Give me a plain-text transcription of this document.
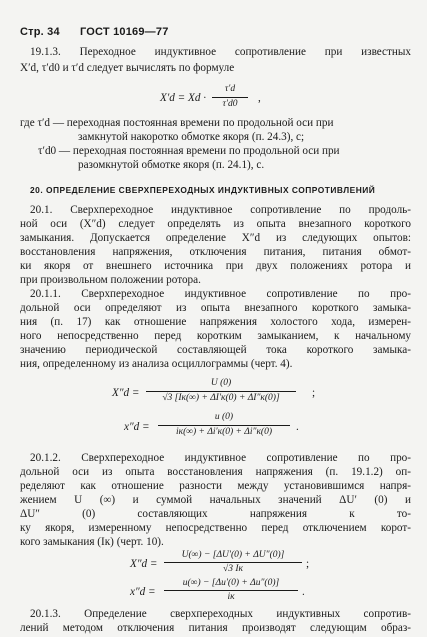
Стр. 34 ГОСТ 10169—77
19.1.3. Переходное индуктивное сопротивление при известных
X′d, τ′d0 и τ′d следует вычислять по формуле
X′d = Xd ·
τ′d
τ′d0	,
где τ′d — переходная постоянная времени по продольной оси при
замкнутой накоротко обмотке якоря (п. 24.3), с;
τ′d0 — переходная постоянная времени по продольной оси при
разомкнутой обмотке якоря (п. 24.1), с.
20. ОПРЕДЕЛЕНИЕ СВЕРХПЕРЕХОДНЫХ ИНДУКТИВНЫХ СОПРОТИВЛЕНИЙ
20.1. Сверхпереходное индуктивное сопротивление по продоль-
ной оси (X″d) следует определять из опыта внезапного короткого
замыкания. Допускается определение X″d из следующих опытов:
восстановления напряжения, отключения питания, питания обмот-
ки якоря от внешнего источника при двух положениях ротора и
при произвольном положении ротора.
20.1.1. Сверхпереходное индуктивное сопротивление по про-
дольной оси определяют из опыта внезапного короткого замыка-
ния (п. 17) как отношение напряжения холостого хода, измерен-
ного непосредственно перед коротким замыканием, к начальному
значению периодической составляющей тока короткого замыка-
ния, определенному из анализа осциллограммы (черт. 4).
X″d =
U (0)
√3 [Iк(∞) + ΔI′к(0) + ΔI″к(0)]	;
x″d =
u (0)
iк(∞) + Δi′к(0) + Δi″к(0)	.
20.1.2. Сверхпереходное индуктивное сопротивление по про-
дольной оси из опыта восстановления напряжения (п. 19.1.2) оп-
ределяют как отношение разности между установившимся напря-
жением U (∞) и суммой начальных значений ΔU′ (0) и
ΔU″ (0) составляющих напряжения к то-
ку якоря, измеренному непосредственно перед отключением корот-
кого замыкания (Iк) (черт. 10).
X″d =
U(∞) − [ΔU′(0) + ΔU″(0)]
√3 Iк	;
x″d =
u(∞) − [Δu′(0) + Δu″(0)]
iк	.
20.1.3. Определение сверхпереходных индуктивных сопротив-
лений методом отключения питания производят следующим образ-
